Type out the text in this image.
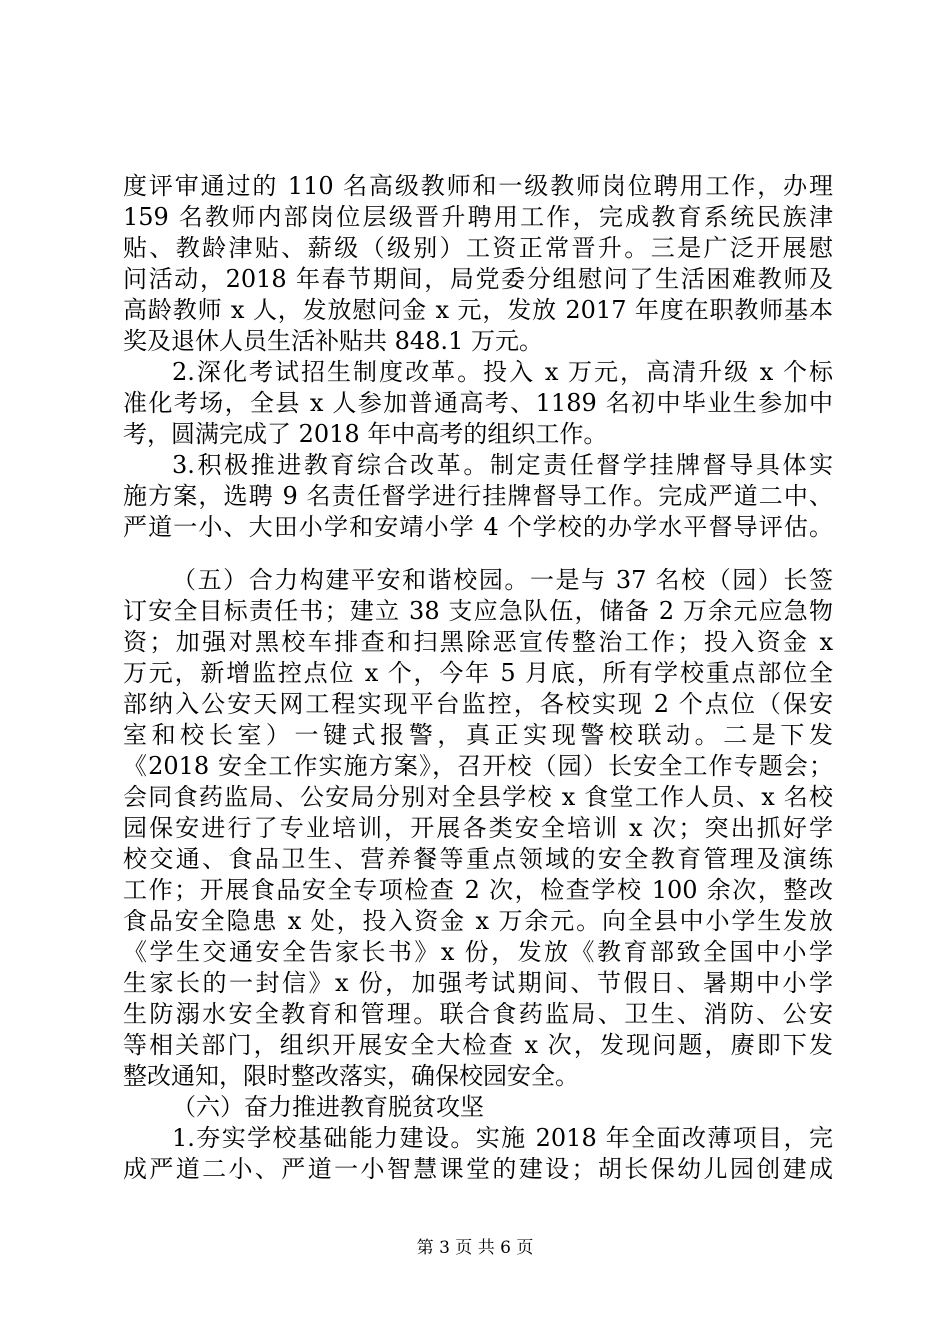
度评审通过的 110 名高级教师和一级教师岗位聘用工作，办理
159 名教师内部岗位层级晋升聘用工作，完成教育系统民族津
贴、教龄津贴、薪级（级别）工资正常晋升。三是广泛开展慰
问活动，2018 年春节期间，局党委分组慰问了生活困难教师及
高龄教师 x 人，发放慰问金 x 元，发放 2017 年度在职教师基本
奖及退休人员生活补贴共 848.1 万元。
2.深化考试招生制度改革。投入 x 万元，高清升级 x 个标
准化考场，全县 x 人参加普通高考、1189 名初中毕业生参加中
考，圆满完成了 2018 年中高考的组织工作。
3.积极推进教育综合改革。制定责任督学挂牌督导具体实
施方案，选聘 9 名责任督学进行挂牌督导工作。完成严道二中、
严道一小、大田小学和安靖小学 4 个学校的办学水平督导评估。
（五）合力构建平安和谐校园。一是与 37 名校（园）长签
订安全目标责任书；建立 38 支应急队伍，储备 2 万余元应急物
资；加强对黑校车排查和扫黑除恶宣传整治工作；投入资金 x
万元，新增监控点位 x 个，今年 5 月底，所有学校重点部位全
部纳入公安天网工程实现平台监控，各校实现 2 个点位（保安
室和校长室）一键式报警，真正实现警校联动。二是下发
《2018 安全工作实施方案》，召开校（园）长安全工作专题会；
会同食药监局、公安局分别对全县学校 x 食堂工作人员、x 名校
园保安进行了专业培训，开展各类安全培训 x 次；突出抓好学
校交通、食品卫生、营养餐等重点领域的安全教育管理及演练
工作；开展食品安全专项检查 2 次，检查学校 100 余次，整改
食品安全隐患 x 处，投入资金 x 万余元。向全县中小学生发放
《学生交通安全告家长书》x 份，发放《教育部致全国中小学
生家长的一封信》x 份，加强考试期间、节假日、暑期中小学
生防溺水安全教育和管理。联合食药监局、卫生、消防、公安
等相关部门，组织开展安全大检查 x 次，发现问题，赓即下发
整改通知，限时整改落实，确保校园安全。
（六）奋力推进教育脱贫攻坚
1.夯实学校基础能力建设。实施 2018 年全面改薄项目，完
成严道二小、严道一小智慧课堂的建设；胡长保幼儿园创建成
第 3 页 共 6 页
